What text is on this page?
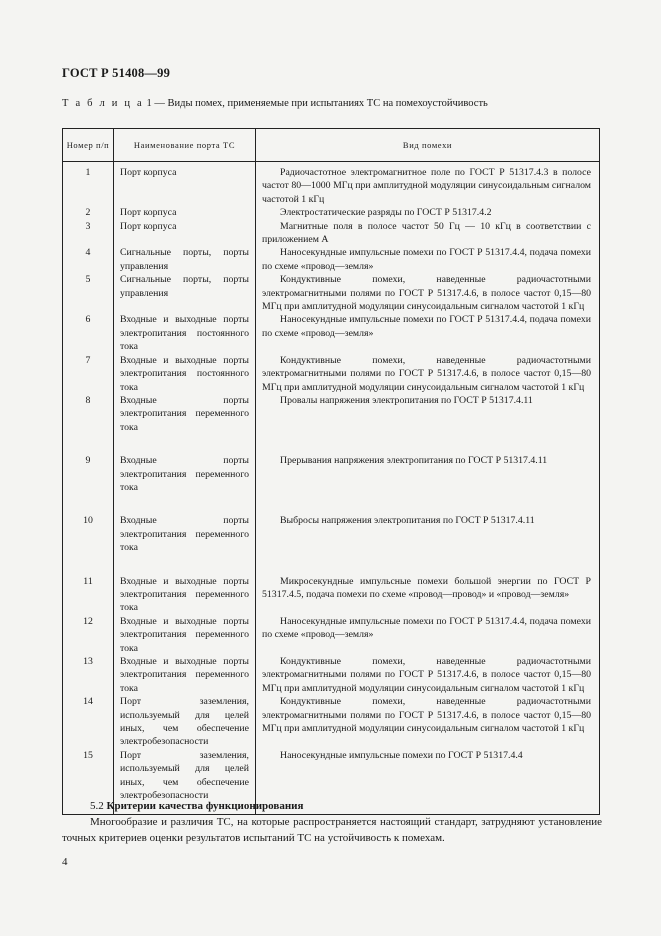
ГОСТ Р 51408—99
Т а б л и ц а 1 — Виды помех, применяемые при испытаниях ТС на помехоустойчивость
Номер п/п	Наименование порта ТС	Вид помехи
1	Порт корпуса	Радиочастотное электромагнитное поле по ГОСТ Р 51317.4.3 в полосе частот 80—1000 МГц при амплитудной модуляции синусоидальным сигналом частотой 1 кГц

2	Порт корпуса	Электростатические разряды по ГОСТ Р 51317.4.2

3	Порт корпуса	Магнитные поля в полосе частот 50 Гц — 10 кГц в соответствии с приложением А

4	Сигнальные порты, порты управления	Наносекундные импульсные помехи по ГОСТ Р 51317.4.4, подача помехи по схеме «провод—земля»

5	Сигнальные порты, порты управления	Кондуктивные помехи, наведенные радиочастотными электромагнитными полями по ГОСТ Р 51317.4.6, в полосе частот 0,15—80 МГц при амплитудной модуляции синусоидальным сигналом частотой 1 кГц

6	Входные и выходные порты электропитания постоянного тока	Наносекундные импульсные помехи по ГОСТ Р 51317.4.4, подача помехи по схеме «провод—земля»

7	Входные и выходные порты электропитания постоянного тока	Кондуктивные помехи, наведенные радиочастотными электромагнитными полями по ГОСТ Р 51317.4.6, в полосе частот 0,15—80 МГц при амплитудной модуляции синусоидальным сигналом частотой 1 кГц

8	Входные порты электропитания переменного тока	Провалы напряжения электропитания по ГОСТ Р 51317.4.11

9	Входные порты электропитания переменного тока	Прерывания напряжения электропитания по ГОСТ Р 51317.4.11

10	Входные порты электропитания переменного тока	Выбросы напряжения электропитания по ГОСТ Р 51317.4.11

11	Входные и выходные порты электропитания переменного тока	Микросекундные импульсные помехи большой энергии по ГОСТ Р 51317.4.5, подача помехи по схеме «провод—провод» и «провод—земля»

12	Входные и выходные порты электропитания переменного тока	Наносекундные импульсные помехи по ГОСТ Р 51317.4.4, подача помехи по схеме «провод—земля»

13	Входные и выходные порты электропитания переменного тока	Кондуктивные помехи, наведенные радиочастотными электромагнитными полями по ГОСТ Р 51317.4.6, в полосе частот 0,15—80 МГц при амплитудной модуляции синусоидальным сигналом частотой 1 кГц

14	Порт заземления, используемый для целей иных, чем обеспечение электробезопасности	Кондуктивные помехи, наведенные радиочастотными электромагнитными полями по ГОСТ Р 51317.4.6, в полосе частот 0,15—80 МГц при амплитудной модуляции синусоидальным сигналом частотой 1 кГц

15	Порт заземления, используемый для целей иных, чем обеспечение электробезопасности	Наносекундные импульсные помехи по ГОСТ Р 51317.4.4
5.2 Критерии качества функционирования
Многообразие и различия ТС, на которые распространяется настоящий стандарт, затрудняют установление точных критериев оценки результатов испытаний ТС на устойчивость к помехам.
4
